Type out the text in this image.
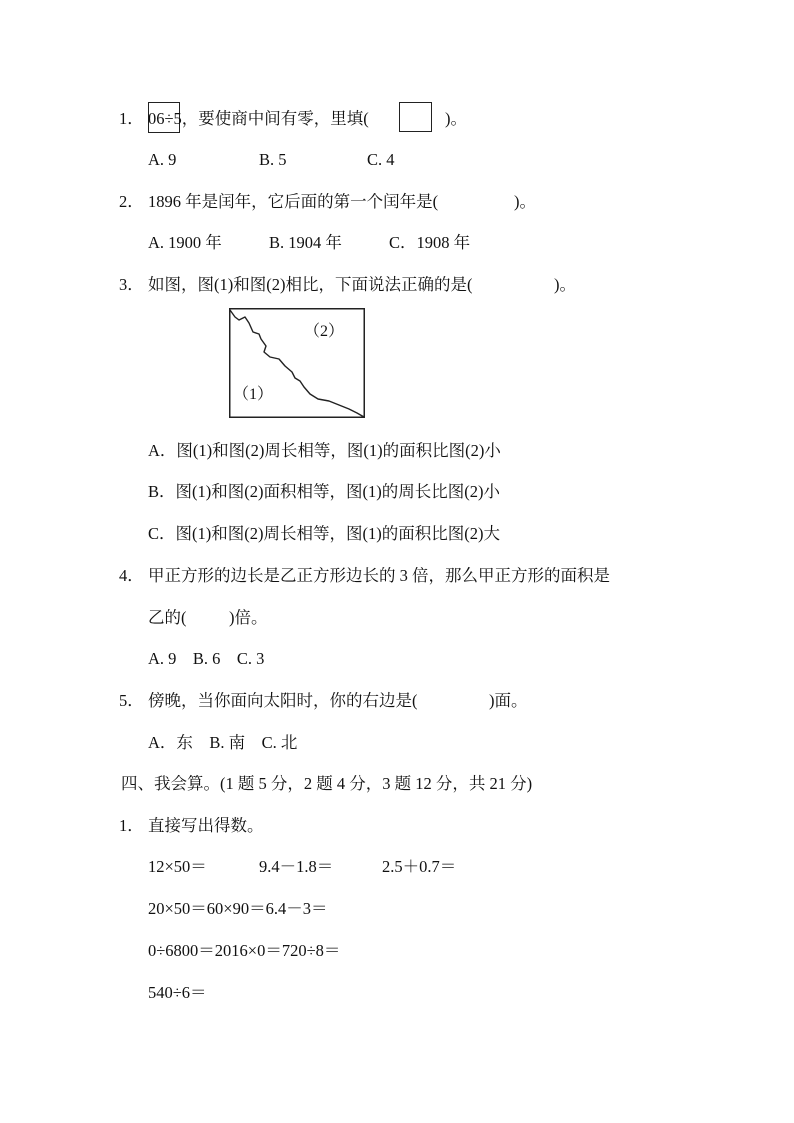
1． 06÷5，要使商中间有零，里填(	)。
A. 9	B. 5	C. 4
2． 1896 年是闰年，它后面的第一个闰年是(	)。
A. 1900 年	B. 1904 年	C．1908 年
3． 如图，图(1)和图(2)相比，下面说法正确的是(	)。
（2）
（1）
A．图(1)和图(2)周长相等，图(1)的面积比图(2)小
B．图(1)和图(2)面积相等，图(1)的周长比图(2)小
C．图(1)和图(2)周长相等，图(1)的面积比图(2)大
4． 甲正方形的边长是乙正方形边长的 3 倍，那么甲正方形的面积是
乙的(	)倍。
A. 9　B. 6　C. 3
5． 傍晚，当你面向太阳时，你的右边是(	)面。
A．东　B. 南　C. 北
四、我会算。(1 题 5 分，2 题 4 分，3 题 12 分，共 21 分)
1． 直接写出得数。
12×50＝	9.4－1.8＝	2.5＋0.7＝
20×50＝60×90＝6.4－3＝
0÷6800＝2016×0＝720÷8＝
540÷6＝
